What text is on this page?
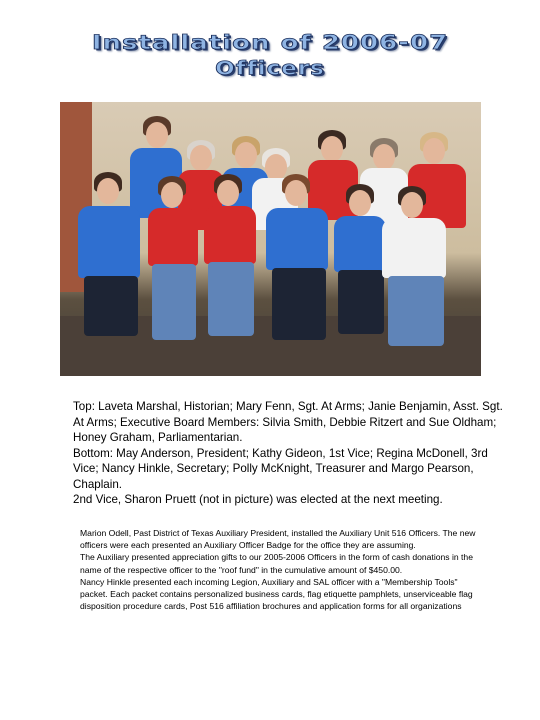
Installation of 2006-07
Officers

Top: Laveta Marshal, Historian; Mary Fenn, Sgt. At Arms; Janie Benjamin, Asst. Sgt. At Arms; Executive Board Members: Silvia Smith, Debbie Ritzert and Sue Oldham; Honey Graham, Parliamentarian.

Bottom: May Anderson, President; Kathy Gideon, 1st Vice; Regina McDonell, 3rd Vice; Nancy Hinkle, Secretary; Polly McKnight, Treasurer and Margo Pearson, Chaplain.

2nd Vice, Sharon Pruett (not in picture) was elected at the next meeting.

Marion Odell, Past District of Texas Auxiliary President, installed the Auxiliary Unit 516 Officers. The new officers were each presented an Auxiliary Officer Badge for the office they are assuming.

The Auxiliary presented appreciation gifts to our 2005-2006 Officers in the form of cash donations in the name of the respective officer to the "roof fund" in the cumulative amount of $450.00.

Nancy Hinkle presented each incoming Legion, Auxiliary and SAL officer with a "Membership Tools" packet. Each packet contains personalized business cards, flag etiquette pamphlets, unserviceable flag disposition procedure cards, Post 516 affiliation brochures and application forms for all organizations
